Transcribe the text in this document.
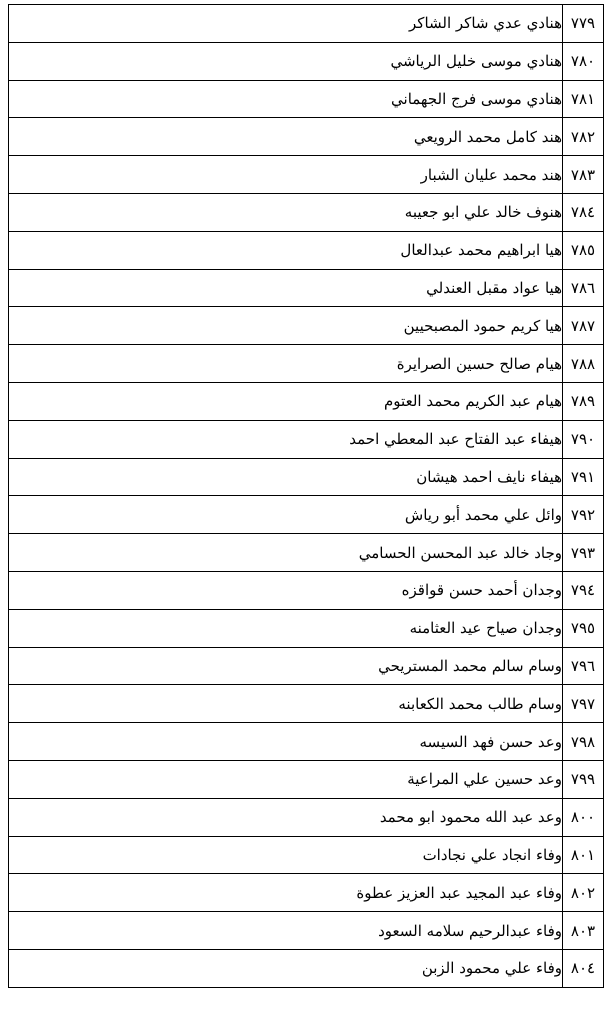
٧٧٩	هنادي عدي شاكر الشاكر
٧٨٠	هنادي موسى خليل الرياشي
٧٨١	هنادي موسى فرج الجهماني
٧٨٢	هند كامل محمد الرويعي
٧٨٣	هند محمد عليان الشبار
٧٨٤	هنوف خالد علي ابو جعيبه
٧٨٥	هيا ابراهيم محمد عبدالعال
٧٨٦	هيا عواد مقبل العندلي
٧٨٧	هيا كريم حمود المصبحيين
٧٨٨	هيام صالح حسين الصرايرة
٧٨٩	هيام عبد الكريم محمد العتوم
٧٩٠	هيفاء عبد الفتاح عبد المعطي احمد
٧٩١	هيفاء نايف احمد هيشان
٧٩٢	وائل علي محمد أبو رياش
٧٩٣	وجاد خالد عبد المحسن الحسامي
٧٩٤	وجدان أحمد حسن قواقزه
٧٩٥	وجدان صياح عيد العثامنه
٧٩٦	وسام سالم محمد المستريحي
٧٩٧	وسام طالب محمد الكعابنه
٧٩٨	وعد حسن فهد السيسه
٧٩٩	وعد حسين علي المراعية
٨٠٠	وعد عبد الله محمود ابو محمد
٨٠١	وفاء انجاد علي نجادات
٨٠٢	وفاء عبد المجيد عبد العزيز عطوة
٨٠٣	وفاء عبدالرحيم سلامه السعود
٨٠٤	وفاء علي محمود الزبن
